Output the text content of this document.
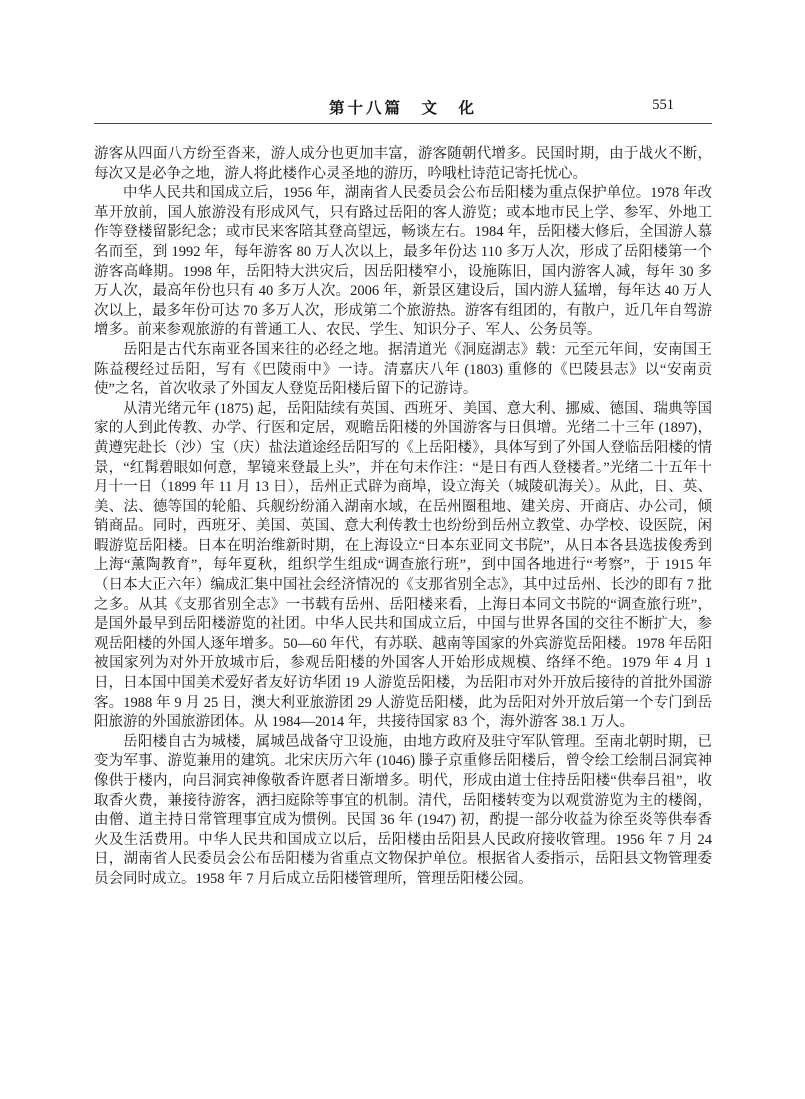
第十八篇　文　化	551

游客从四面八方纷至沓来，游人成分也更加丰富，游客随朝代增多。民国时期，由于战火不断，每次又是必争之地，游人将此楼作心灵圣地的游历，吟哦杜诗范记寄托忧心。

中华人民共和国成立后，1956 年，湖南省人民委员会公布岳阳楼为重点保护单位。1978 年改革开放前，国人旅游没有形成风气，只有路过岳阳的客人游览；或本地市民上学、参军、外地工作等登楼留影纪念；或市民来客陪其登高望远，畅谈左右。1984 年，岳阳楼大修后，全国游人慕名而至，到 1992 年，每年游客 80 万人次以上，最多年份达 110 多万人次，形成了岳阳楼第一个游客高峰期。1998 年，岳阳特大洪灾后，因岳阳楼窄小，设施陈旧，国内游客人减，每年 30 多万人次，最高年份也只有 40 多万人次。2006 年，新景区建设后，国内游人猛增，每年达 40 万人次以上，最多年份可达 70 多万人次，形成第二个旅游热。游客有组团的，有散户，近几年自驾游增多。前来参观旅游的有普通工人、农民、学生、知识分子、军人、公务员等。

岳阳是古代东南亚各国来往的必经之地。据清道光《洞庭湖志》载：元至元年间，安南国王陈益稷经过岳阳，写有《巴陵雨中》一诗。清嘉庆八年 (1803) 重修的《巴陵县志》以“安南贡使”之名，首次收录了外国友人登览岳阳楼后留下的记游诗。

从清光绪元年 (1875) 起，岳阳陆续有英国、西班牙、美国、意大利、挪威、德国、瑞典等国家的人到此传教、办学、行医和定居，观瞻岳阳楼的外国游客与日俱增。光绪二十三年 (1897)，黄遵宪赴长（沙）宝（庆）盐法道途经岳阳写的《上岳阳楼》，具体写到了外国人登临岳阳楼的情景，“红髯碧眼如何意，挈镜来登最上头”，并在句末作注：“是日有西人登楼者。”光绪二十五年十月十一日（1899 年 11 月 13 日），岳州正式辟为商埠，设立海关（城陵矶海关）。从此，日、英、美、法、德等国的轮船、兵舰纷纷涌入湖南水域，在岳州圈租地、建关房、开商店、办公司，倾销商品。同时，西班牙、美国、英国、意大利传教士也纷纷到岳州立教堂、办学校、设医院，闲暇游览岳阳楼。日本在明治维新时期，在上海设立“日本东亚同文书院”，从日本各县选拔俊秀到上海“薰陶教育”，每年夏秋，组织学生组成“调查旅行班”，到中国各地进行“考察”，于 1915 年（日本大正六年）编成汇集中国社会经济情况的《支那省别全志》，其中过岳州、长沙的即有 7 批之多。从其《支那省别全志》一书载有岳州、岳阳楼来看，上海日本同文书院的“调查旅行班”，是国外最早到岳阳楼游览的社团。中华人民共和国成立后，中国与世界各国的交往不断扩大，参观岳阳楼的外国人逐年增多。50—60 年代，有苏联、越南等国家的外宾游览岳阳楼。1978 年岳阳被国家列为对外开放城市后，参观岳阳楼的外国客人开始形成规模、络绎不绝。1979 年 4 月 1 日，日本国中国美术爱好者友好访华团 19 人游览岳阳楼，为岳阳市对外开放后接待的首批外国游客。1988 年 9 月 25 日，澳大利亚旅游团 29 人游览岳阳楼，此为岳阳对外开放后第一个专门到岳阳旅游的外国旅游团体。从 1984—2014 年，共接待国家 83 个，海外游客 38.1 万人。

岳阳楼自古为城楼，属城邑战备守卫设施，由地方政府及驻守军队管理。至南北朝时期，已变为军事、游览兼用的建筑。北宋庆历六年 (1046) 滕子京重修岳阳楼后，曾令绘工绘制吕洞宾神像供于楼内，向吕洞宾神像敬香许愿者日渐增多。明代，形成由道士住持岳阳楼“供奉吕祖”，收取香火费，兼接待游客，洒扫庭除等事宜的机制。清代，岳阳楼转变为以观赏游览为主的楼阁，由僧、道主持日常管理事宜成为惯例。民国 36 年 (1947) 初，酌提一部分收益为徐至炎等供奉香火及生活费用。中华人民共和国成立以后，岳阳楼由岳阳县人民政府接收管理。1956 年 7 月 24 日，湖南省人民委员会公布岳阳楼为省重点文物保护单位。根据省人委指示，岳阳县文物管理委员会同时成立。1958 年 7 月后成立岳阳楼管理所，管理岳阳楼公园。
